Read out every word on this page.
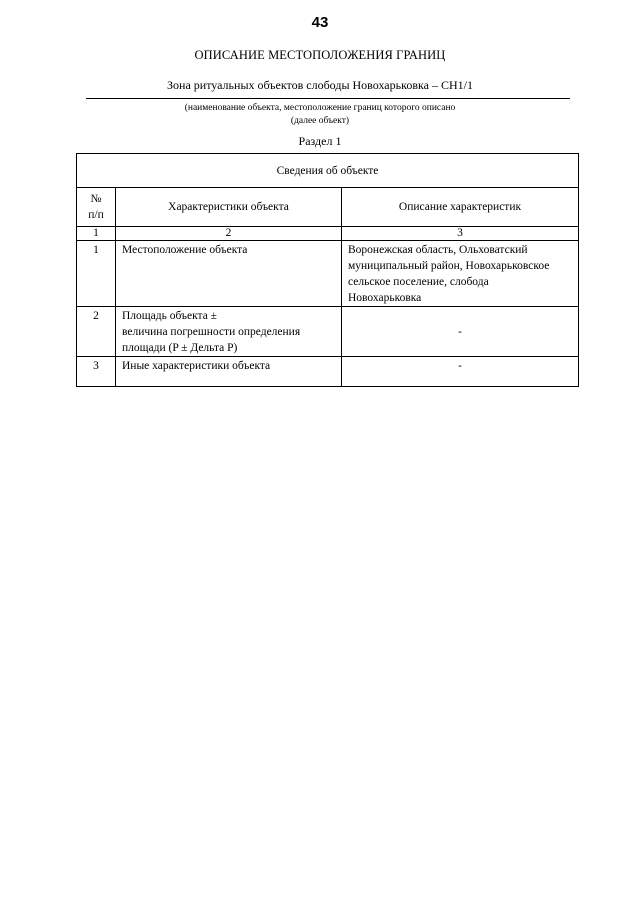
43
ОПИСАНИЕ МЕСТОПОЛОЖЕНИЯ ГРАНИЦ
Зона ритуальных объектов слободы Новохарьковка – СН1/1
(наименование объекта, местоположение границ которого описано
(далее объект)
Раздел 1
Сведения об объекте		

№
п/п	Характеристики объекта	Описание характеристик
1	2	3
1	Местоположение объекта	Воронежская область, Ольховатский
муниципальный район, Новохарьковское
сельское поселение, слобода
Новохарьковка

2	Площадь объекта ±
величина погрешности определения
площади (P ± Дельта P)	-
3	Иные характеристики объекта	-
